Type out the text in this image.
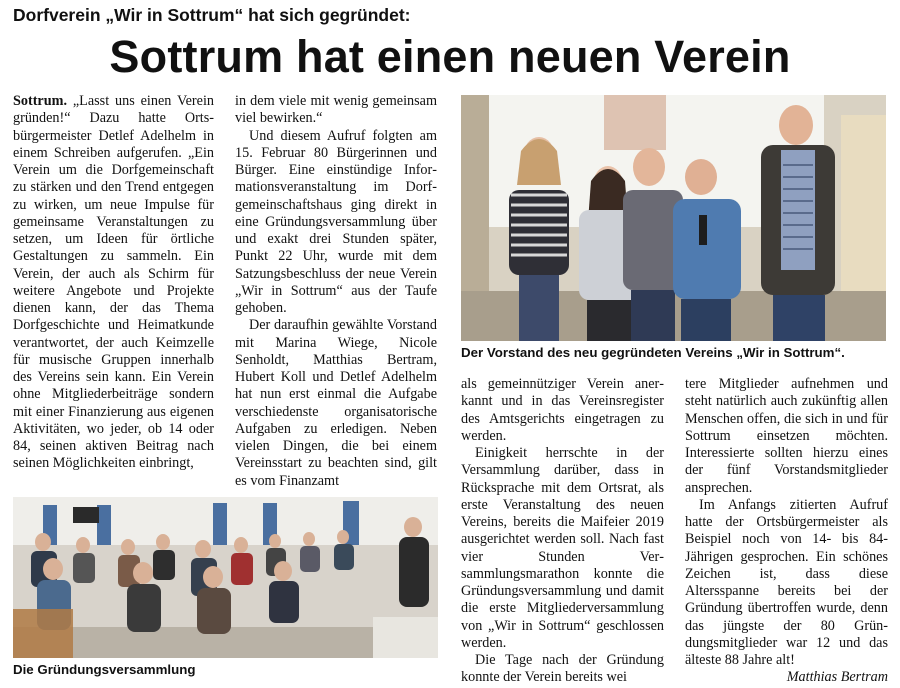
Dorfverein „Wir in Sottrum“ hat sich gegründet:
Sottrum hat einen neuen Verein

Sottrum. „Lasst uns einen Verein gründen!“ Dazu hatte Ortsbürgermeister Detlef Adelhelm in einem Schreiben aufgerufen. „Ein Verein um die Dorfgemeinschaft zu stärken und den Trend entgegen zu wirken, um neue Impulse für gemeinsame Veranstaltungen zu setzen, um Ideen für örtliche Gestaltungen zu sammeln. Ein Verein, der auch als Schirm für weitere Angebote und Projekte dienen kann, der das Thema Dorfgeschichte und Heimatkunde verantwortet, der auch Keimzelle für musische Gruppen innerhalb des Vereins sein kann. Ein Verein ohne Mitgliederbeiträge sondern mit einer Finanzierung aus eigenen Aktivitäten, wo jeder, ob 14 oder 84, seinen aktiven Beitrag nach seinen Möglichkeiten einbringt,

in dem viele mit wenig gemeinsam viel bewirken.“

Und diesem Aufruf folgten am 15. Februar 80 Bürgerinnen und Bürger. Eine einstündige Informationsveranstaltung im Dorfgemeinschaftshaus ging direkt in eine Gründungsversammlung über und exakt drei Stunden später, Punkt 22 Uhr, wurde mit dem Satzungsbeschluss der neue Verein „Wir in Sottrum“ aus der Taufe gehoben.

Der daraufhin gewählte Vorstand mit Marina Wiege, Nicole Senholdt, Matthias Bertram, Hubert Koll und Detlef Adelhelm hat nun erst einmal die Aufgabe verschiedenste organisatorische Aufgaben zu erledigen. Neben vielen Dingen, die bei einem Vereinsstart zu beachten sind, gilt es vom Finanzamt

als gemeinnütziger Verein anerkannt und in das Vereinsregister des Amtsgerichts eingetragen zu werden.

Einigkeit herrschte in der Versammlung darüber, dass in Rücksprache mit dem Ortsrat, als erste Veranstaltung des neuen Vereins, bereits die Maifeier 2019 ausgerichtet werden soll. Nach fast vier Stunden Versammlungsmarathon konnte die Gründungsversammlung und damit die erste Mitgliederversammlung von „Wir in Sottrum“ geschlossen werden.

Die Tage nach der Gründung konnte der Verein bereits wei

tere Mitglieder aufnehmen und steht natürlich auch zukünftig allen Menschen offen, die sich in und für Sottrum einsetzen möchten. Interessierte sollten hierzu eines der fünf Vorstandsmitglieder ansprechen.

Im Anfangs zitierten Aufruf hatte der Ortsbürgermeister als Beispiel noch von 14- bis 84-Jährigen gesprochen. Ein schönes Zeichen ist, dass diese Altersspanne bereits bei der Gründung übertroffen wurde, denn das jüngste der 80 Gründungsmitglieder war 12 und das älteste 88 Jahre alt!

Matthias Bertram
Der Vorstand des neu gegründeten Vereins „Wir in Sottrum“.
Die Gründungsversammlung
